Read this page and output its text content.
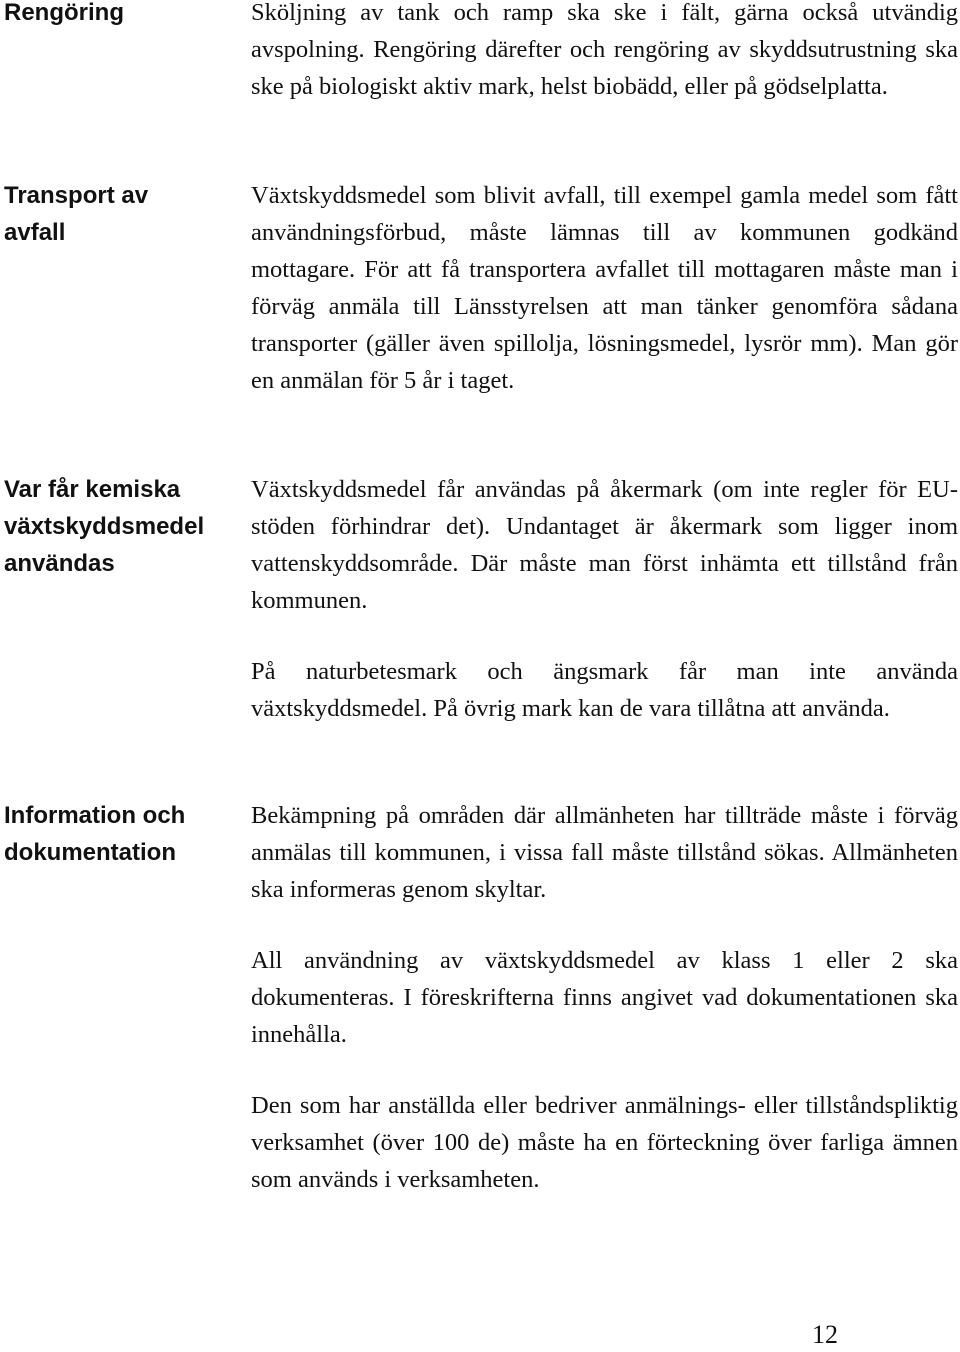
Rengöring	Sköljning av tank och ramp ska ske i fält, gärna också utvändig avspolning. Rengöring därefter och rengöring av skyddsutrustning ska ske på biologiskt aktiv mark, helst biobädd, eller på gödselplatta.

Transport av
avfall

Växtskyddsmedel som blivit avfall, till exempel gamla medel som fått användningsförbud, måste lämnas till av kommunen godkänd mottagare. För att få transportera avfallet till mottagaren måste man i förväg anmäla till Länsstyrelsen att man tänker genomföra sådana transporter (gäller även spillolja, lösningsmedel, lysrör mm). Man gör en anmälan för 5 år i taget.

Var får kemiska
växtskyddsmedel
användas

Växtskyddsmedel får användas på åkermark (om inte regler för EU-stöden förhindrar det). Undantaget är åkermark som ligger inom vattenskyddsområde. Där måste man först inhämta ett tillstånd från kommunen.

På naturbetesmark och ängsmark får man inte använda växtskyddsmedel. På övrig mark kan de vara tillåtna att använda.

Information och
dokumentation

Bekämpning på områden där allmänheten har tillträde måste i förväg anmälas till kommunen, i vissa fall måste tillstånd sökas. Allmänheten ska informeras genom skyltar.

All användning av växtskyddsmedel av klass 1 eller 2 ska dokumenteras. I föreskrifterna finns angivet vad dokumentationen ska innehålla.

Den som har anställda eller bedriver anmälnings- eller tillståndspliktig verksamhet (över 100 de) måste ha en förteckning över farliga ämnen som används i verksamheten.

12
